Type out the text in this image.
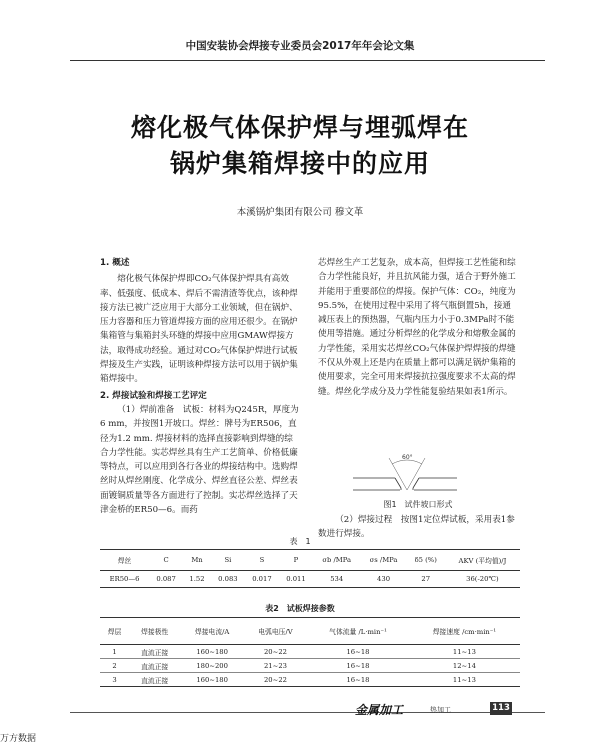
中国安装协会焊接专业委员会2017年年会论文集
熔化极气体保护焊与埋弧焊在
锅炉集箱焊接中的应用
本溪锅炉集团有限公司 穆文革
1. 概述

熔化极气体保护焊即CO₂气体保护焊具有高效率、低强度、低成本、焊后不需清渣等优点，该种焊接方法已被广泛应用于大部分工业领域，但在锅炉、压力容器和压力管道焊接方面的应用还很少。在锅炉集箱管与集箱封头环缝的焊接中应用GMAW焊接方法，取得成功经验。通过对CO₂气体保护焊进行试板焊接及生产实践，证明该种焊接方法可以用于锅炉集箱焊接中。

2. 焊接试验和焊接工艺评定

（1）焊前准备　试板：材料为Q245R，厚度为6 mm，并按图1开坡口。焊丝：牌号为ER506，直径为1.2 mm. 焊接材料的选择直接影响到焊缝的综合力学性能。实芯焊丝具有生产工艺简单、价格低廉等特点，可以应用到各行各业的焊接结构中。选购焊丝时从焊丝刚度、化学成分、焊丝直径公差、焊丝表面镀铜质量等各方面进行了控制。实芯焊丝选择了天津金桥的ER50—6。而药

芯焊丝生产工艺复杂，成本高，但焊接工艺性能和综合力学性能良好，并且抗风能力强，适合于野外施工并能用于重要部位的焊接。保护气体：CO₂，纯度为95.5%，在使用过程中采用了将气瓶倒置5h，接通减压表上的预热器，气瓶内压力小于0.3MPa时不能使用等措施。通过分析焊丝的化学成分和熔敷金属的力学性能，采用实芯焊丝CO₂气体保护焊焊接的焊缝不仅从外观上还是内在质量上都可以满足锅炉集箱的使用要求，完全可用来焊接抗拉强度要求不太高的焊缝。焊丝化学成分及力学性能复验结果如表1所示。

60°
图1　试件坡口形式

（2）焊接过程　按图1定位焊试板，采用表1参数进行焊接。

表　1
焊丝	C	Mn	Si	S	P	σb /MPa	σs /MPa	δ5 (%)	AKV (平均值)/J
ER50—6	0.087	1.52	0.083	0.017	0.011	534	430	27	36(-20℃)
表2　试板焊接参数
焊层	焊接极性	焊接电流/A	电弧电压/V	气体流量 /L·min⁻¹	焊接速度 /cm·min⁻¹
1	直流正接	160~180	20~22	16~18	11~13
2	直流正接	180~200	21~23	16~18	12~14
3	直流正接	160~180	20~22	16~18	11~13
金属加工	热加工	113
万方数据
